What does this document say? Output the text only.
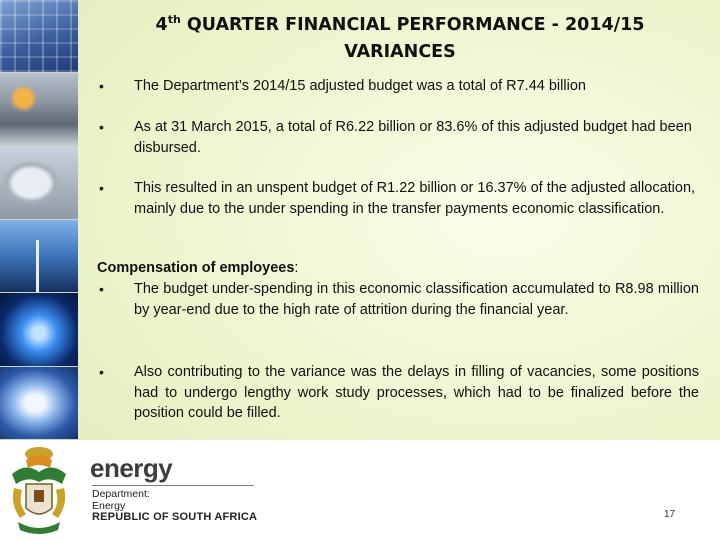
4th QUARTER FINANCIAL PERFORMANCE - 2014/15
VARIANCES
•	The Department’s 2014/15 adjusted budget was a total of R7.44 billion
•	As at 31 March 2015, a total of R6.22 billion or 83.6% of this adjusted budget had been disbursed.
•	This resulted in an unspent budget of R1.22 billion or 16.37% of the adjusted allocation, mainly due to the under spending in the transfer payments economic classification.
Compensation of employees:
•	The budget under-spending in this economic classification accumulated to R8.98 million by year-end due to the high rate of attrition during the financial year.
•	Also contributing to the variance was the delays in filling of vacancies, some positions had to undergo lengthy work study processes, which had to be finalized before the position could be filled.
energy
Department:
Energy
REPUBLIC OF SOUTH AFRICA	17
